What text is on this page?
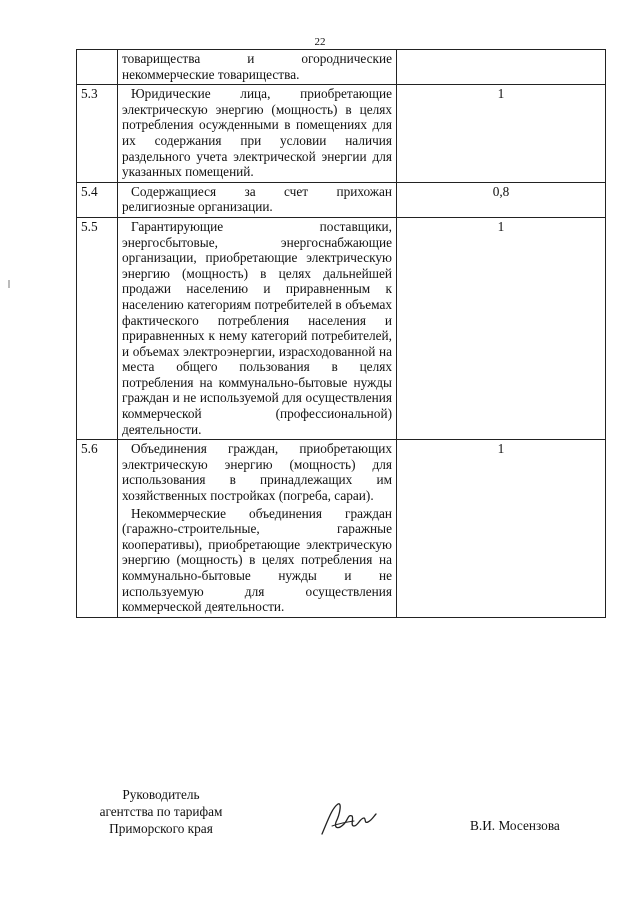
22

	товарищества и огороднические некоммерческие товарищества.	

5.3	Юридические лица, приобретающие электрическую энергию (мощность) в целях потребления осужденными в помещениях для их содержания при условии наличия раздельного учета электрической энергии для указанных помещений.	1
5.4	Содержащиеся за счет прихожан религиозные организации.	0,8
5.5	Гарантирующие поставщики, энергосбытовые, энергоснабжающие организации, приобретающие электрическую энергию (мощность) в целях дальнейшей продажи населению и приравненным к населению категориям потребителей в объемах фактического потребления населения и приравненных к нему категорий потребителей, и объемах электроэнергии, израсходованной на места общего пользования в целях потребления на коммунально-бытовые нужды граждан и не используемой для осуществления коммерческой (профессиональной) деятельности.	1
5.6	Объединения граждан, приобретающих электрическую энергию (мощность) для использования в принадлежащих им хозяйственных постройках (погреба, сараи).

Некоммерческие объединения граждан (гаражно-строительные, гаражные кооперативы), приобретающие электрическую энергию (мощность) в целях потребления на коммунально-бытовые нужды и не используемую для осуществления коммерческой деятельности.	1
Руководитель
агентства по тарифам
Приморского края	В.И. Мосензова
